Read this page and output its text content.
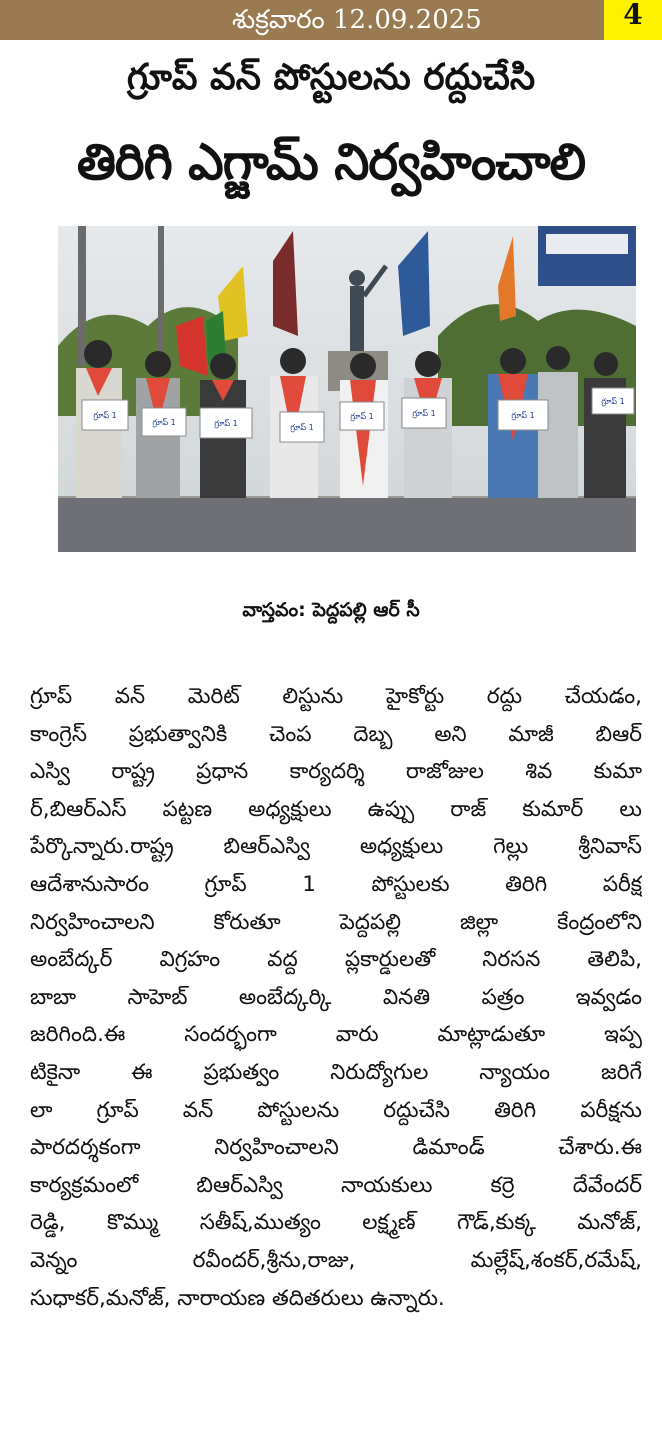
శుక్రవారం 12.09.2025	4
గ్రూప్ వన్ పోస్టులను రద్దుచేసి
తిరిగి ఎగ్జామ్ నిర్వహించాలి
గ్రూప్ 1
గ్రూప్ 1	గ్రూప్ 1	గ్రూప్ 1
గ్రూప్ 1	గ్రూప్ 1	గ్రూప్ 1
గ్రూప్ 1
వాస్తవం: పెద్దపల్లి ఆర్ సీ
గ్రూప్ వన్ మెరిట్ లిస్టును హైకోర్టు రద్దు చేయడం,
కాంగ్రెస్ ప్రభుత్వానికి చెంప దెబ్బ అని మాజీ బిఆర్
ఎస్వి రాష్ట్ర ప్రధాన కార్యదర్శి రాజోజుల శివ కుమా
ర్,బిఆర్ఎస్ పట్టణ అధ్యక్షులు ఉప్పు రాజ్ కుమార్ లు
పేర్కొన్నారు.రాష్ట్ర బిఆర్ఎస్వి అధ్యక్షులు గెల్లు శ్రీనివాస్
ఆదేశానుసారం గ్రూప్ 1 పోస్టులకు తిరిగి పరీక్ష
నిర్వహించాలని కోరుతూ పెద్దపల్లి జిల్లా కేంద్రంలోని
అంబేద్కర్ విగ్రహం వద్ద ప్లకార్డులతో నిరసన తెలిపి,
బాబా సాహెబ్ అంబేద్కర్కి వినతి పత్రం ఇవ్వడం
జరిగింది.ఈ సందర్భంగా వారు మాట్లాడుతూ ఇప్ప
టికైనా ఈ ప్రభుత్వం నిరుద్యోగుల న్యాయం జరిగే
లా గ్రూప్ వన్ పోస్టులను రద్దుచేసి తిరిగి పరీక్షను
పారదర్శకంగా నిర్వహించాలని డిమాండ్ చేశారు.ఈ
కార్యక్రమంలో బిఆర్ఎస్వి నాయకులు కర్రె దేవేందర్
రెడ్డి, కొమ్ము సతీష్,ముత్యం లక్ష్మణ్ గౌడ్,కుక్క మనోజ్,
వెన్నం రవీందర్,శ్రీను,రాజు, మల్లేష్,శంకర్,రమేష్,
సుధాకర్,మనోజ్, నారాయణ తదితరులు ఉన్నారు.
